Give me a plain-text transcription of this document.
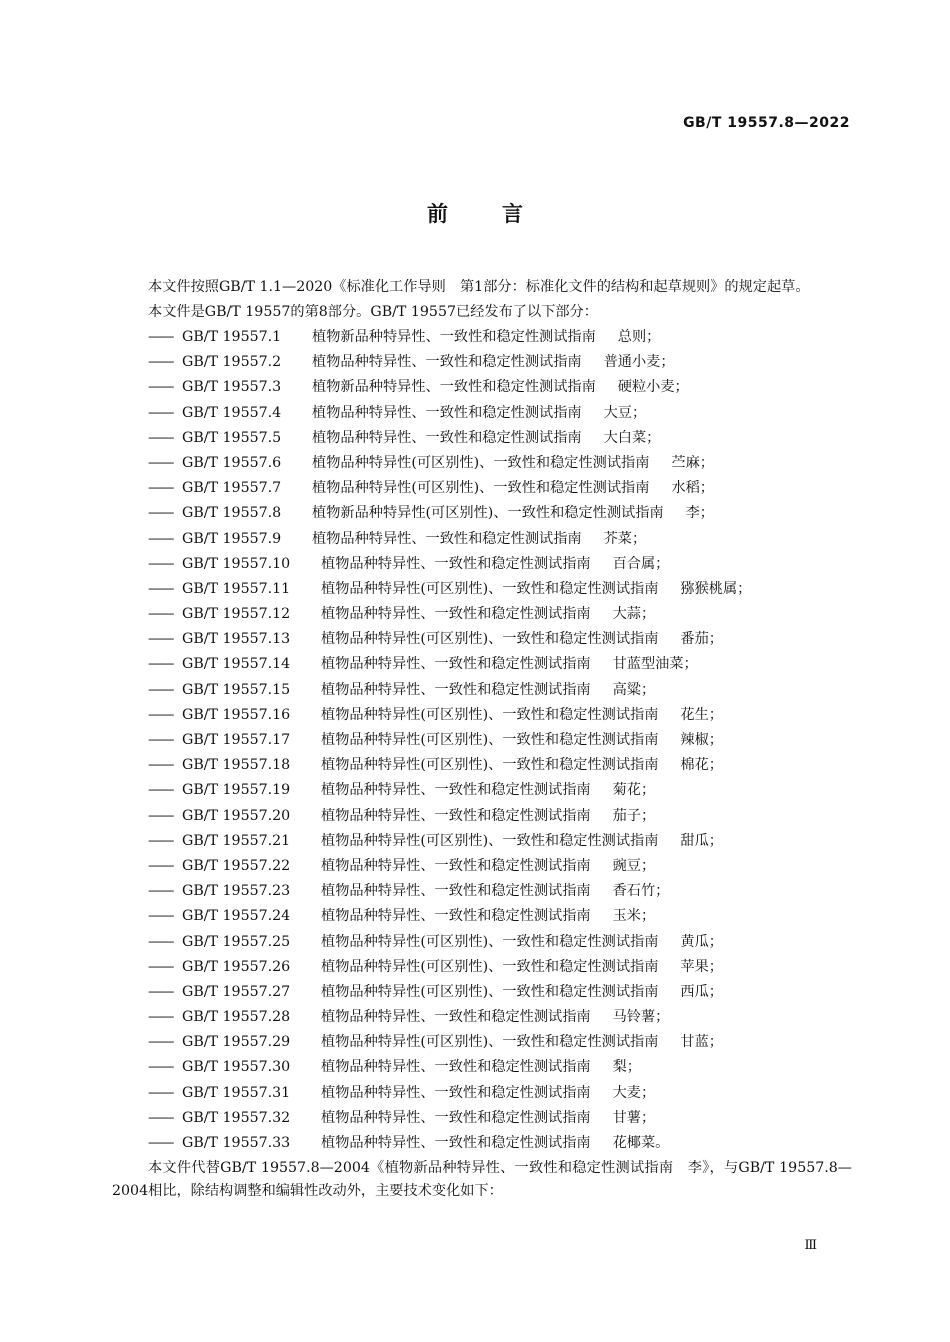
GB/T 19557.8—2022
前	言

本文件按照GB/T 1.1—2020《标准化工作导则　第1部分：标准化文件的结构和起草规则》的规定起草。

本文件是GB/T 19557的第8部分。GB/T 19557已经发布了以下部分：

—— GB/T 19557.1 植物新品种特异性、一致性和稳定性测试指南 总则；
—— GB/T 19557.2 植物品种特异性、一致性和稳定性测试指南 普通小麦；
—— GB/T 19557.3 植物新品种特异性、一致性和稳定性测试指南 硬粒小麦；
—— GB/T 19557.4 植物品种特异性、一致性和稳定性测试指南 大豆；
—— GB/T 19557.5 植物品种特异性、一致性和稳定性测试指南 大白菜；
—— GB/T 19557.6 植物品种特异性(可区别性)、一致性和稳定性测试指南 苎麻；
—— GB/T 19557.7 植物品种特异性(可区别性)、一致性和稳定性测试指南 水稻；
—— GB/T 19557.8 植物新品种特异性(可区别性)、一致性和稳定性测试指南 李；
—— GB/T 19557.9 植物品种特异性、一致性和稳定性测试指南 芥菜；
—— GB/T 19557.10 植物品种特异性、一致性和稳定性测试指南 百合属；
—— GB/T 19557.11 植物品种特异性(可区别性)、一致性和稳定性测试指南 猕猴桃属；
—— GB/T 19557.12 植物品种特异性、一致性和稳定性测试指南 大蒜；
—— GB/T 19557.13 植物品种特异性(可区别性)、一致性和稳定性测试指南 番茄；
—— GB/T 19557.14 植物品种特异性、一致性和稳定性测试指南 甘蓝型油菜；
—— GB/T 19557.15 植物品种特异性、一致性和稳定性测试指南 高粱；
—— GB/T 19557.16 植物品种特异性(可区别性)、一致性和稳定性测试指南 花生；
—— GB/T 19557.17 植物品种特异性(可区别性)、一致性和稳定性测试指南 辣椒；
—— GB/T 19557.18 植物品种特异性(可区别性)、一致性和稳定性测试指南 棉花；
—— GB/T 19557.19 植物品种特异性、一致性和稳定性测试指南 菊花；
—— GB/T 19557.20 植物品种特异性、一致性和稳定性测试指南 茄子；
—— GB/T 19557.21 植物品种特异性(可区别性)、一致性和稳定性测试指南 甜瓜；
—— GB/T 19557.22 植物品种特异性、一致性和稳定性测试指南 豌豆；
—— GB/T 19557.23 植物品种特异性、一致性和稳定性测试指南 香石竹；
—— GB/T 19557.24 植物品种特异性、一致性和稳定性测试指南 玉米；
—— GB/T 19557.25 植物品种特异性(可区别性)、一致性和稳定性测试指南 黄瓜；
—— GB/T 19557.26 植物品种特异性(可区别性)、一致性和稳定性测试指南 苹果；
—— GB/T 19557.27 植物品种特异性(可区别性)、一致性和稳定性测试指南 西瓜；
—— GB/T 19557.28 植物品种特异性、一致性和稳定性测试指南 马铃薯；
—— GB/T 19557.29 植物品种特异性(可区别性)、一致性和稳定性测试指南 甘蓝；
—— GB/T 19557.30 植物品种特异性、一致性和稳定性测试指南 梨；
—— GB/T 19557.31 植物品种特异性、一致性和稳定性测试指南 大麦；
—— GB/T 19557.32 植物品种特异性、一致性和稳定性测试指南 甘薯；
—— GB/T 19557.33 植物品种特异性、一致性和稳定性测试指南 花椰菜。

本文件代替GB/T 19557.8—2004《植物新品种特异性、一致性和稳定性测试指南　李》，与GB/T 19557.8—2004相比，除结构调整和编辑性改动外，主要技术变化如下：

Ⅲ
